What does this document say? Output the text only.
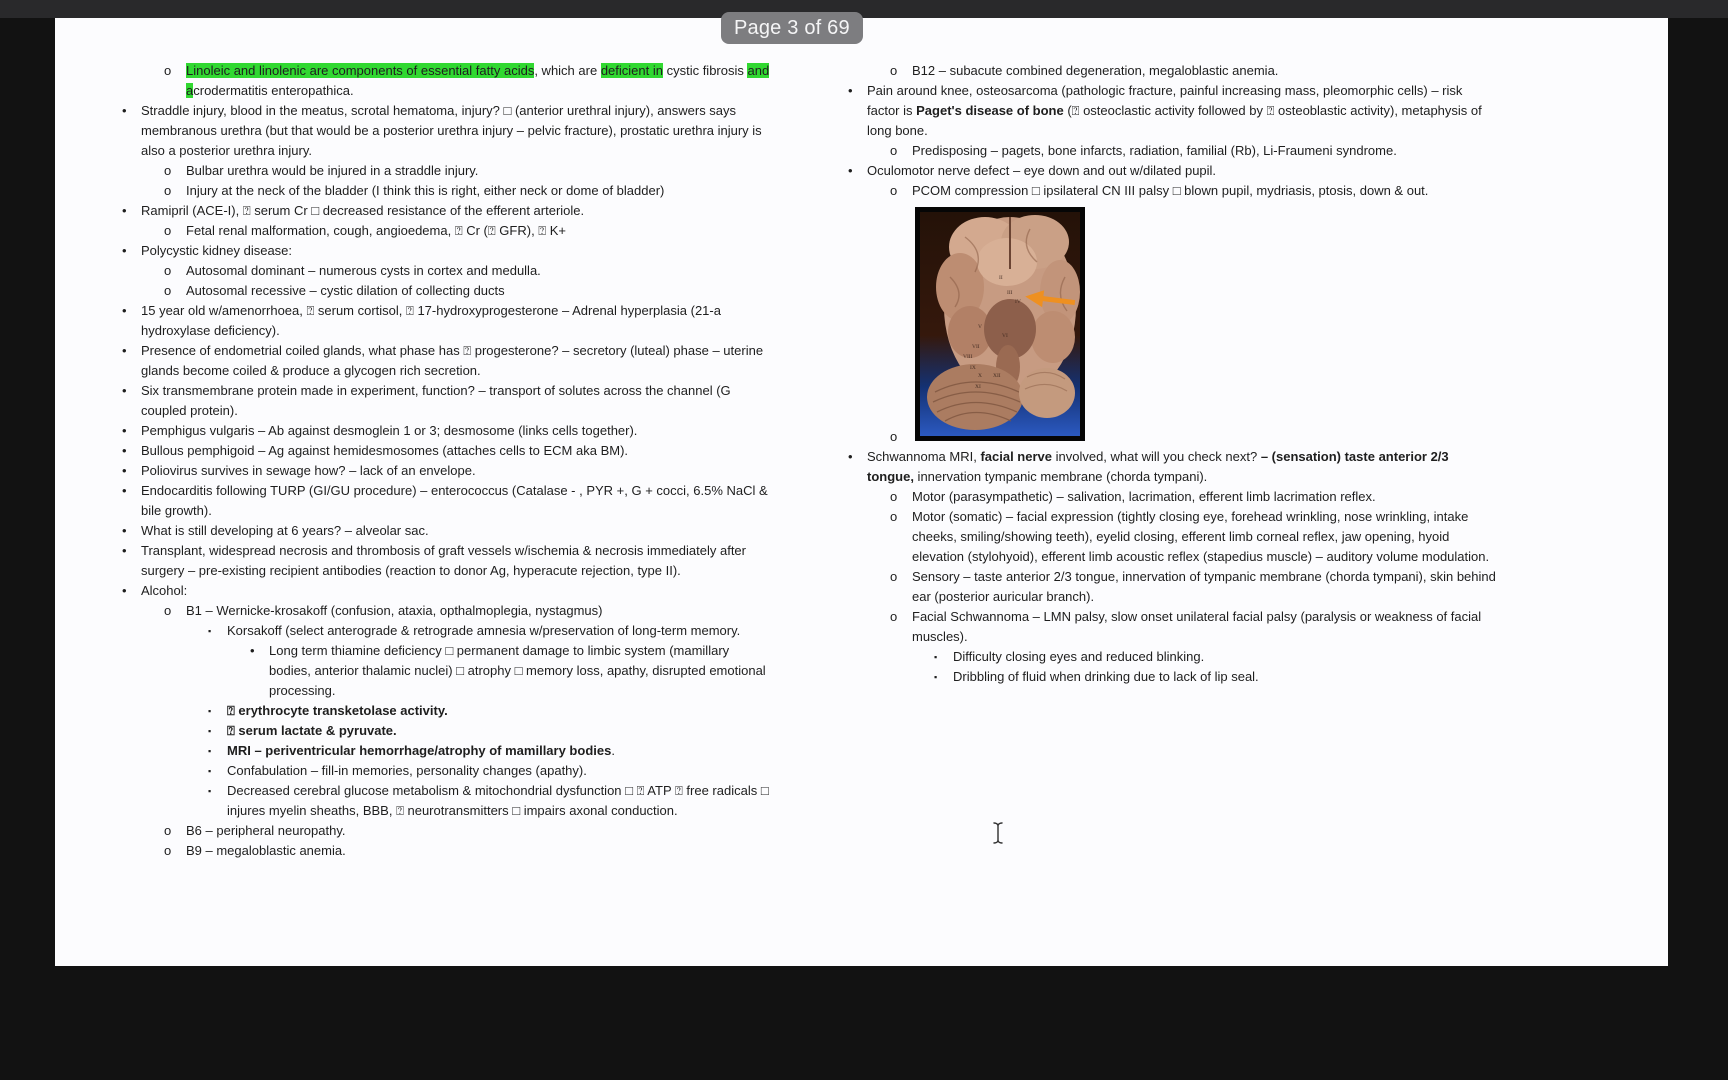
o	Linoleic and linolenic are components of essential fatty acids, which are deficient in cystic fibrosis and acrodermatitis enteropathica.
•	Straddle injury, blood in the meatus, scrotal hematoma, injury? □ (anterior urethral injury), answers says membranous urethra (but that would be a posterior urethra injury – pelvic fracture), prostatic urethra injury is also a posterior urethra injury.
o	Bulbar urethra would be injured in a straddle injury.
o	Injury at the neck of the bladder (I think this is right, either neck or dome of bladder)
•	Ramipril (ACE-I), ⍰ serum Cr □ decreased resistance of the efferent arteriole.
o	Fetal renal malformation, cough, angioedema, ⍰ Cr (⍰ GFR), ⍰ K+
•	Polycystic kidney disease:
o	Autosomal dominant – numerous cysts in cortex and medulla.
o	Autosomal recessive – cystic dilation of collecting ducts
•	15 year old w/amenorrhoea, ⍰ serum cortisol, ⍰ 17-hydroxyprogesterone – Adrenal hyperplasia (21-a hydroxylase deficiency).
•	Presence of endometrial coiled glands, what phase has ⍰ progesterone? – secretory (luteal) phase – uterine glands become coiled & produce a glycogen rich secretion.
•	Six transmembrane protein made in experiment, function? – transport of solutes across the channel (G coupled protein).
•	Pemphigus vulgaris – Ab against desmoglein 1 or 3; desmosome (links cells together).
•	Bullous pemphigoid – Ag against hemidesmosomes (attaches cells to ECM aka BM).
•	Poliovirus survives in sewage how? – lack of an envelope.
•	Endocarditis following TURP (GI/GU procedure) – enterococcus (Catalase - , PYR +, G + cocci, 6.5% NaCl & bile growth).
•	What is still developing at 6 years? – alveolar sac.
•	Transplant, widespread necrosis and thrombosis of graft vessels w/ischemia & necrosis immediately after surgery – pre-existing recipient antibodies (reaction to donor Ag, hyperacute rejection, type II).
•	Alcohol:
o	B1 – Wernicke-krosakoff (confusion, ataxia, opthalmoplegia, nystagmus)
▪	Korsakoff (select anterograde & retrograde amnesia w/preservation of long-term memory.
•	Long term thiamine deficiency □ permanent damage to limbic system (mamillary bodies, anterior thalamic nuclei) □ atrophy □ memory loss, apathy, disrupted emotional processing.
▪	⍰ erythrocyte transketolase activity.
▪	⍰ serum lactate & pyruvate.
▪	MRI – periventricular hemorrhage/atrophy of mamillary bodies.
▪	Confabulation – fill-in memories, personality changes (apathy).
▪	Decreased cerebral glucose metabolism & mitochondrial dysfunction □ ⍰ ATP ⍰ free radicals □ injures myelin sheaths, BBB, ⍰ neurotransmitters □ impairs axonal conduction.
o	B6 – peripheral neuropathy.
o	B9 – megaloblastic anemia.
o	B12 – subacute combined degeneration, megaloblastic anemia.
•	Pain around knee, osteosarcoma (pathologic fracture, painful increasing mass, pleomorphic cells) – risk factor is Paget's disease of bone (⍰ osteoclastic activity followed by ⍰ osteoblastic activity), metaphysis of long bone.
o	Predisposing – pagets, bone infarcts, radiation, familial (Rb), Li-Fraumeni syndrome.
•	Oculomotor nerve defect – eye down and out w/dilated pupil.
o	PCOM compression □ ipsilateral CN III palsy □ blown pupil, mydriasis, ptosis, down & out.
II
III
IV
V
VI
VII
VIII
IX
X XII
XI
o

•	Schwannoma MRI, facial nerve involved, what will you check next? – (sensation) taste anterior 2/3 tongue, innervation tympanic membrane (chorda tympani).
o	Motor (parasympathetic) – salivation, lacrimation, efferent limb lacrimation reflex.
o	Motor (somatic) – facial expression (tightly closing eye, forehead wrinkling, nose wrinkling, intake cheeks, smiling/showing teeth), eyelid closing, efferent limb corneal reflex, jaw opening, hyoid elevation (stylohyoid), efferent limb acoustic reflex (stapedius muscle) – auditory volume modulation.
o	Sensory – taste anterior 2/3 tongue, innervation of tympanic membrane (chorda tympani), skin behind ear (posterior auricular branch).
o	Facial Schwannoma – LMN palsy, slow onset unilateral facial palsy (paralysis or weakness of facial muscles).
▪	Difficulty closing eyes and reduced blinking.
▪	Dribbling of fluid when drinking due to lack of lip seal.
Page 3 of 69
